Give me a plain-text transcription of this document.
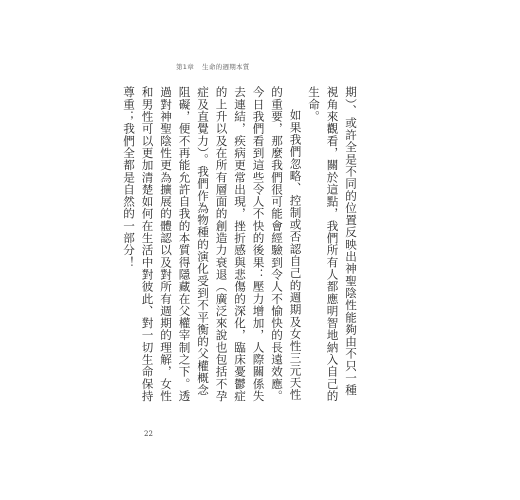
第1章 生命的週期本質

期）、或許全是不同的位置反映出神聖陰性能夠由不只一種視角來觀看，關於這點，我們所有人都應明智地納入自己的生命。

如果我們忽略、控制或否認自己的週期及女性三元天性的重要，那麼我們很可能會經驗到令人不愉快的長遠效應。今日我們看到這些令人不快的後果：壓力增加，人際關係失去連結，疾病更常出現，挫折感與悲傷的深化，臨床憂鬱症的上升以及在所有層面的創造力衰退（廣泛來說也包括不孕症及直覺力）。我們作為物種的演化受到不平衡的父權概念阻礙，便不再能允許自我的本質得隱藏在父權宰制之下。透過對神聖陰性更為擴展的體認以及對所有週期的理解，女性和男性可以更加清楚如何在生活中對彼此、對一切生命保持尊重；我們全都是自然的一部分！

22
